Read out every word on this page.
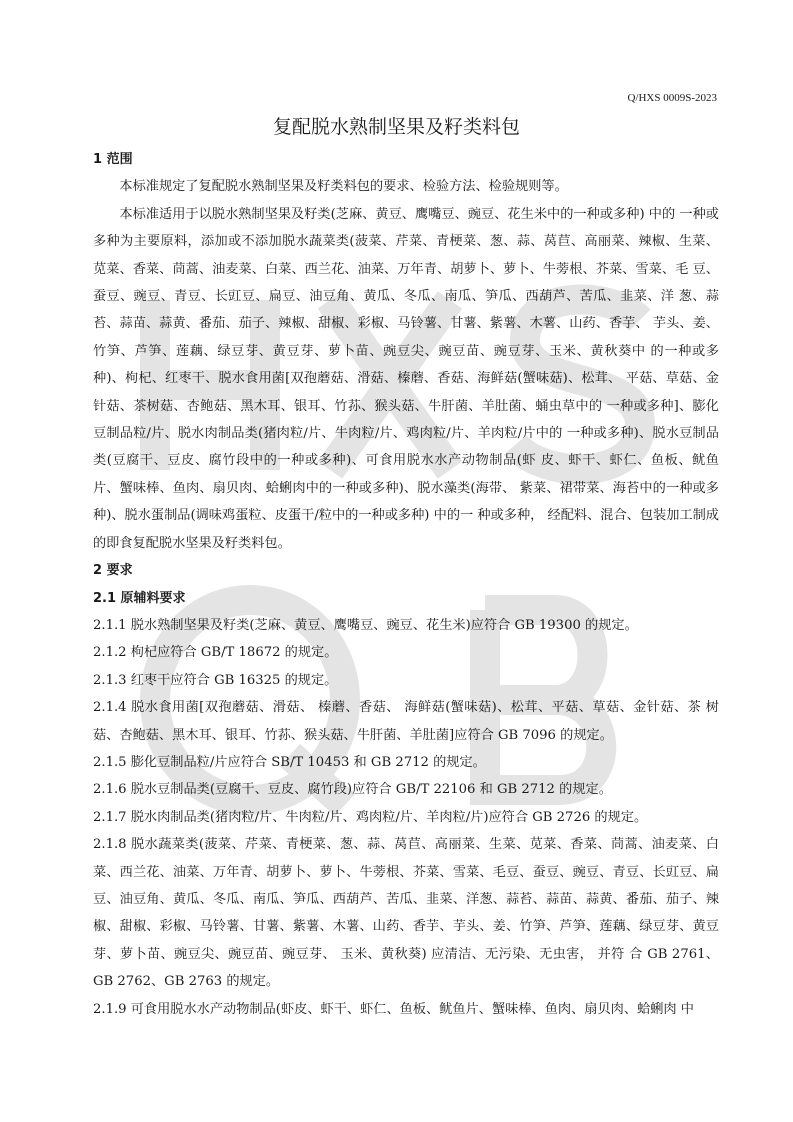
Q/HXS 0009S-2023
复配脱水熟制坚果及籽类料包

1 范围

本标准规定了复配脱水熟制坚果及籽类料包的要求、检验方法、检验规则等。

本标准适用于以脱水熟制坚果及籽类(芝麻、黄豆、鹰嘴豆、豌豆、花生米中的一种或多种) 中的 一种或多种为主要原料，添加或不添加脱水蔬菜类(菠菜、芹菜、青梗菜、葱、蒜、莴苣、高丽菜、辣椒、生菜、 苋菜、香菜、茼蒿、油麦菜、白菜、西兰花、油菜、万年青、胡萝卜、萝卜、牛蒡根、芥菜、雪菜、毛 豆、蚕豆、豌豆、青豆、长豇豆、扁豆、油豆角、黄瓜、冬瓜、南瓜、笋瓜、西葫芦、苦瓜、韭菜、洋 葱、蒜苔、蒜苗、蒜黄、番茄、茄子、辣椒、甜椒、彩椒、马铃薯、甘薯、紫薯、木薯、山药、香芋、 芋头、姜、竹笋、芦笋、莲藕、绿豆芽、黄豆芽、萝卜苗、豌豆尖、豌豆苗、豌豆芽、玉米、黄秋葵中 的一种或多种)、枸杞、红枣干、脱水食用菌[双孢蘑菇、滑菇、榛蘑、香菇、海鲜菇(蟹味菇)、松茸、 平菇、草菇、金针菇、茶树菇、杏鲍菇、黑木耳、银耳、竹荪、猴头菇、牛肝菌、羊肚菌、蛹虫草中的 一种或多种]、膨化豆制品粒/片、脱水肉制品类(猪肉粒/片、牛肉粒/片、鸡肉粒/片、羊肉粒/片中的 一种或多种)、脱水豆制品类(豆腐干、豆皮、腐竹段中的一种或多种)、可食用脱水水产动物制品(虾 皮、虾干、虾仁、鱼板、鱿鱼片、蟹味棒、鱼肉、扇贝肉、蛤蜊肉中的一种或多种)、脱水藻类(海带、 紫菜、裙带菜、海苔中的一种或多种)、脱水蛋制品(调味鸡蛋粒、皮蛋干/粒中的一种或多种) 中的一 种或多种， 经配料、混合、包装加工制成的即食复配脱水坚果及籽类料包。

2 要求

2.1 原辅料要求

2.1.1 脱水熟制坚果及籽类(芝麻、黄豆、鹰嘴豆、豌豆、花生米)应符合 GB 19300 的规定。

2.1.2 枸杞应符合 GB/T 18672 的规定。

2.1.3 红枣干应符合 GB 16325 的规定。

2.1.4 脱水食用菌[双孢蘑菇、滑菇、 榛蘑、香菇、 海鲜菇(蟹味菇)、松茸、平菇、草菇、金针菇、茶 树菇、杏鲍菇、黑木耳、银耳、竹荪、猴头菇、牛肝菌、羊肚菌]应符合 GB 7096 的规定。

2.1.5 膨化豆制品粒/片应符合 SB/T 10453 和 GB 2712 的规定。

2.1.6 脱水豆制品类(豆腐干、豆皮、腐竹段)应符合 GB/T 22106 和 GB 2712 的规定。

2.1.7 脱水肉制品类(猪肉粒/片、牛肉粒/片、鸡肉粒/片、羊肉粒/片)应符合 GB 2726 的规定。

2.1.8 脱水蔬菜类(菠菜、芹菜、青梗菜、葱、蒜、莴苣、高丽菜、生菜、苋菜、香菜、茼蒿、油麦菜、白菜、西兰花、油菜、万年青、胡萝卜、萝卜、牛蒡根、芥菜、雪菜、毛豆、蚕豆、豌豆、青豆、长豇豆、扁豆、油豆角、黄瓜、冬瓜、南瓜、笋瓜、西葫芦、苦瓜、韭菜、洋葱、蒜苔、蒜苗、蒜黄、番茄、茄子、辣椒、甜椒、彩椒、马铃薯、甘薯、紫薯、木薯、山药、香芋、芋头、姜、竹笋、芦笋、莲藕、绿豆芽、黄豆芽、萝卜苗、豌豆尖、豌豆苗、豌豆芽、 玉米、黄秋葵) 应清洁、无污染、无虫害， 并符 合 GB 2761、GB 2762、GB 2763 的规定。

2.1.9 可食用脱水水产动物制品(虾皮、虾干、虾仁、鱼板、鱿鱼片、蟹味棒、鱼肉、扇贝肉、蛤蜊肉 中
